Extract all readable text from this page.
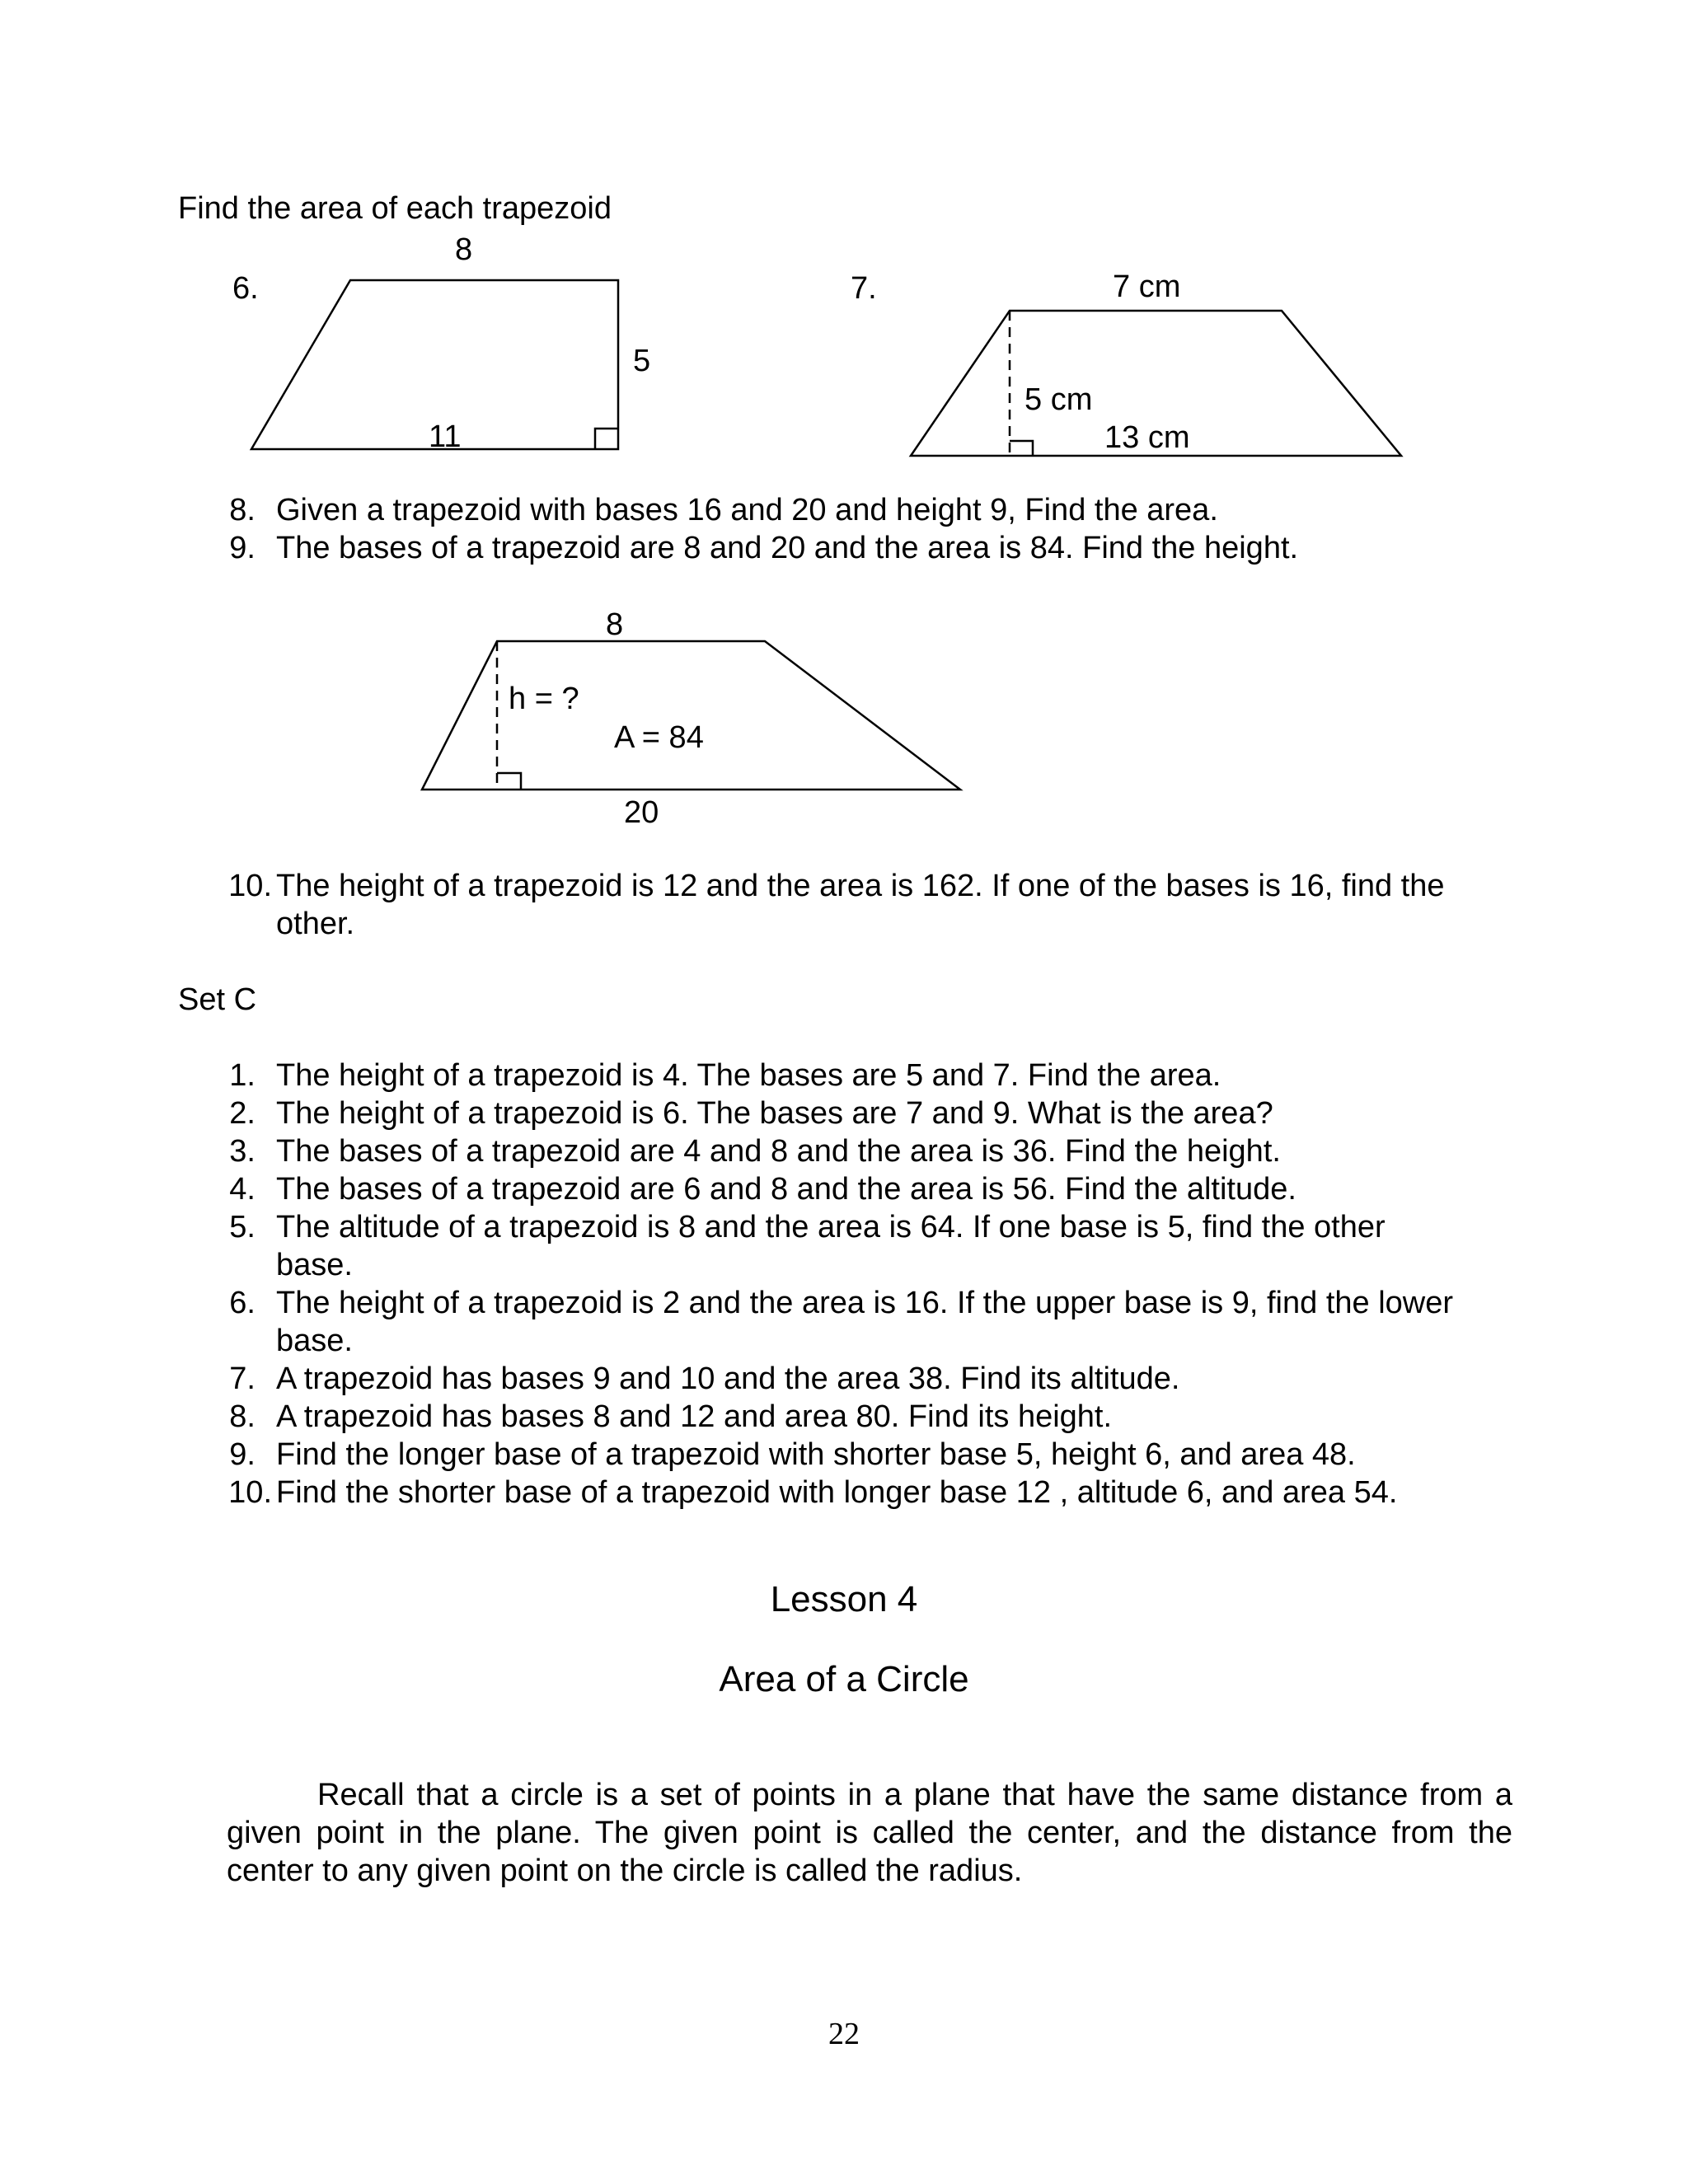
Find the area of each trapezoid
6.
8
5
11
7.	7 cm
5 cm
13 cm
8
h = ?
A = 84
20
8. Given a trapezoid with bases 16 and 20 and height 9, Find the area.
9. The bases of a trapezoid are 8 and 20 and the area is 84. Find the height.
10. The height of a trapezoid is 12 and the area is 162. If one of the bases is 16, find the other.
Set C
1. The height of a trapezoid is 4. The bases are 5 and 7. Find the area.
2. The height of a trapezoid is 6. The bases are 7 and 9. What is the area?
3. The bases of a trapezoid are 4 and 8 and the area is 36. Find the height.
4. The bases of a trapezoid are 6 and 8 and the area is 56. Find the altitude.
5. The altitude of a trapezoid is 8 and the area is 64. If one base is 5, find the other base.
6. The height of a trapezoid is 2 and the area is 16. If the upper base is 9, find the lower base.
7. A trapezoid has bases 9 and 10 and the area 38. Find its altitude.
8. A trapezoid has bases 8 and 12 and area 80. Find its height.
9. Find the longer base of a trapezoid with shorter base 5, height 6, and area 48.
10. Find the shorter base of a trapezoid with longer base 12 , altitude 6, and area 54.
Lesson 4
Area of a Circle
Recall that a circle is a set of points in a plane that have the same distance from a given point in the plane. The given point is called the center, and the distance from the center to any given point on the circle is called the radius.
22
